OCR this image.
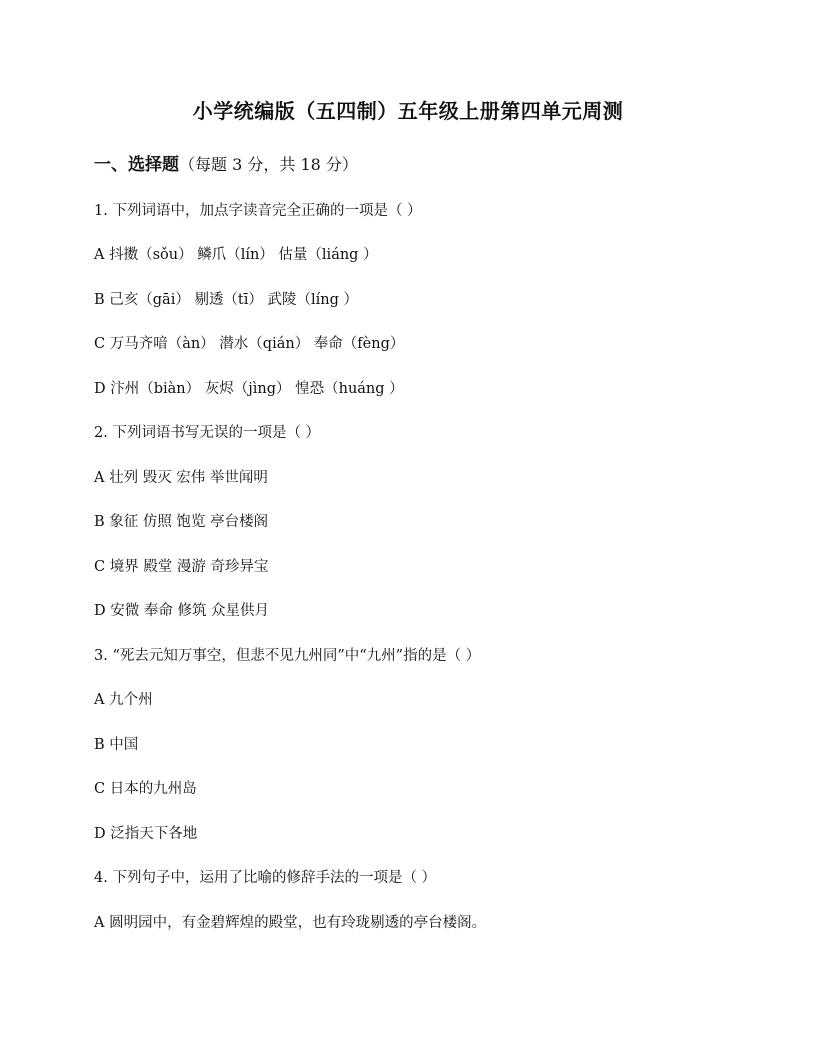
小学统编版（五四制）五年级上册第四单元周测
一、选择题（每题 3 分，共 18 分）
1. 下列词语中，加点字读音完全正确的一项是（ ）
A 抖擞（sǒu） 鳞爪（lín） 估量（liáng ）
B 己亥（gāi） 剔透（tī） 武陵（líng ）
C 万马齐喑（àn） 潜水（qián） 奉命（fèng）
D 汴州（biàn） 灰烬（jìng） 惶恐（huáng ）
2. 下列词语书写无误的一项是（ ）
A 壮列 毁灭 宏伟 举世闻明
B 象征 仿照 饱览 亭台楼阁
C 境界 殿堂 漫游 奇珍异宝
D 安微 奉命 修筑 众星供月
3. “死去元知万事空，但悲不见九州同”中“九州”指的是（ ）
A 九个州
B 中国
C 日本的九州岛
D 泛指天下各地
4. 下列句子中，运用了比喻的修辞手法的一项是（ ）
A 圆明园中，有金碧辉煌的殿堂，也有玲珑剔透的亭台楼阁。
